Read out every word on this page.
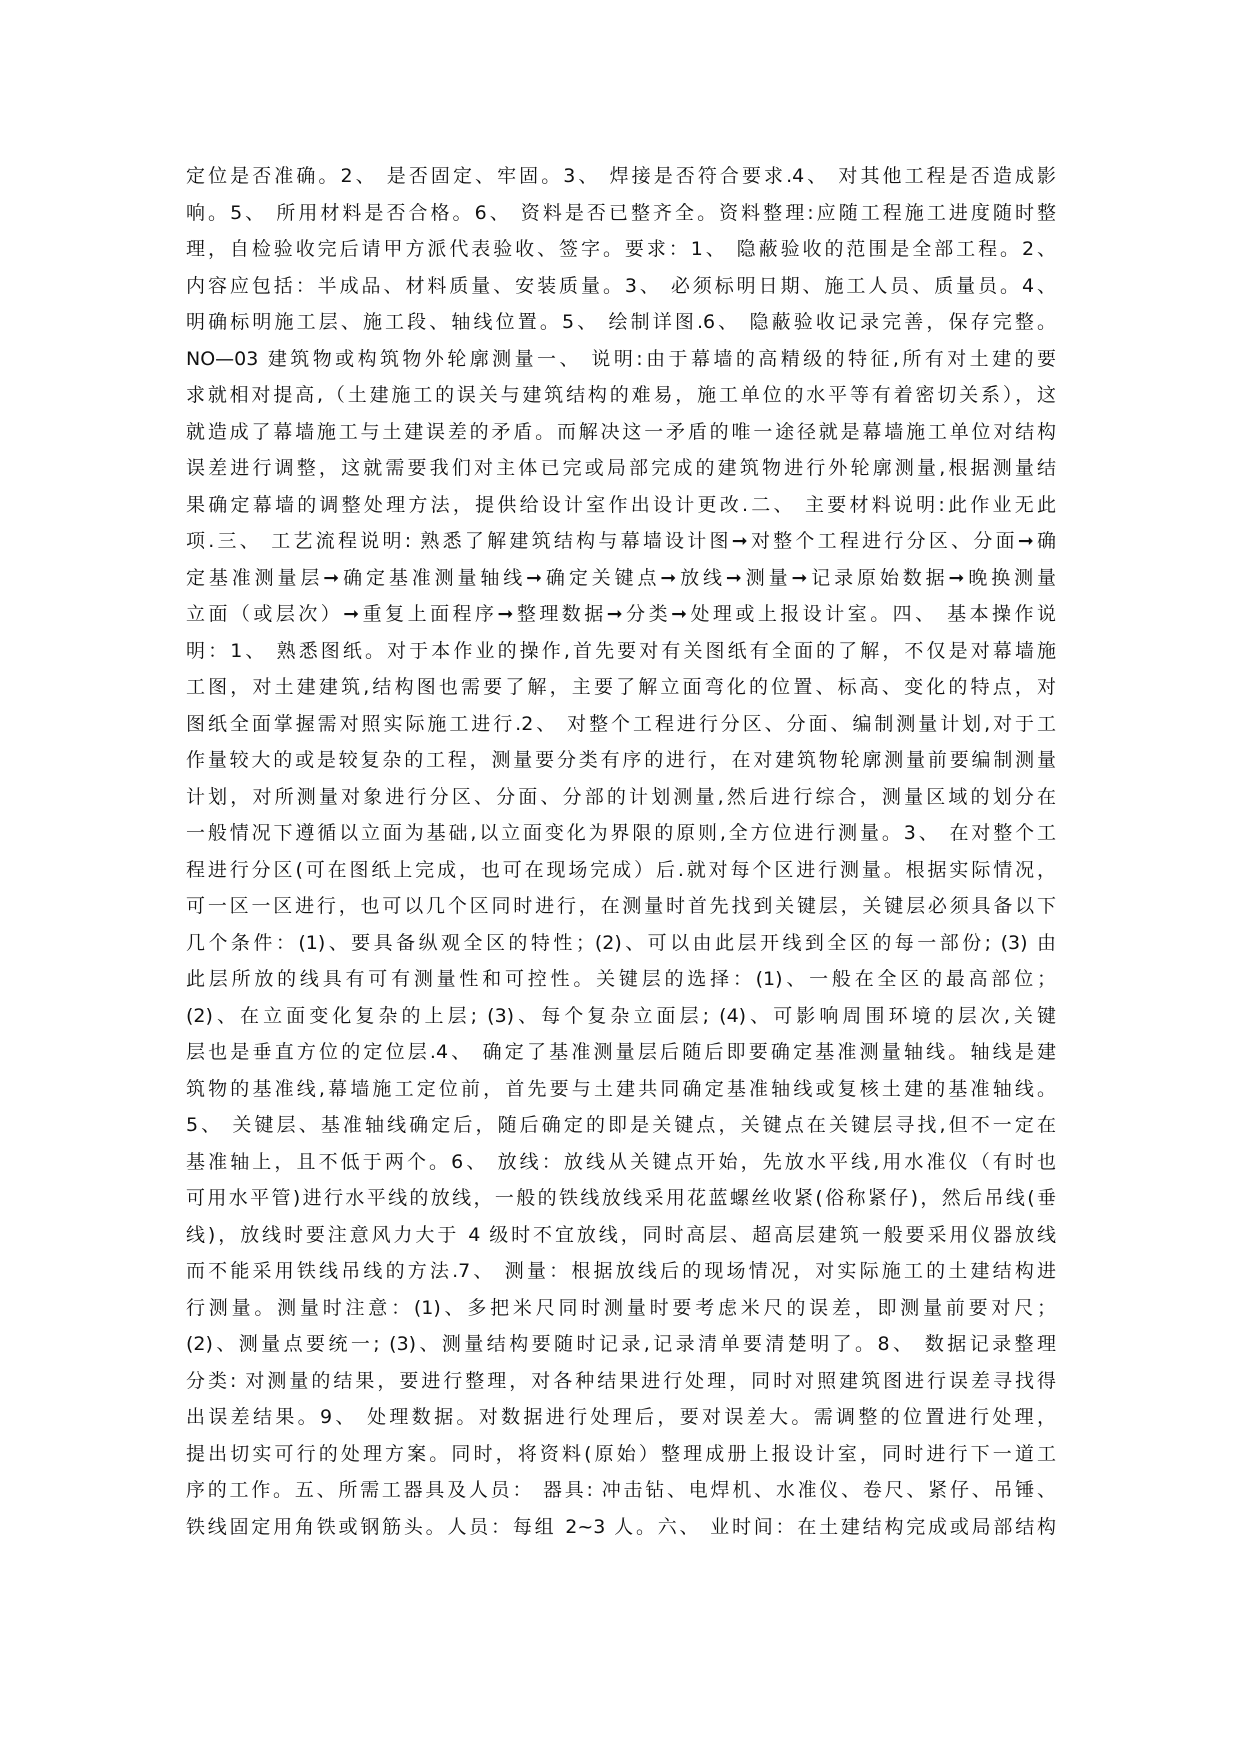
定位是否准确。2、 是否固定、牢固。3、 焊接是否符合要求.4、 对其他工程是否造成影
响。5、 所用材料是否合格。6、 资料是否已整齐全。资料整理:应随工程施工进度随时整
理，自检验收完后请甲方派代表验收、签字。要求：1、 隐蔽验收的范围是全部工程。2、
内容应包括：半成品、材料质量、安装质量。3、 必须标明日期、施工人员、质量员。4、
明确标明施工层、施工段、轴线位置。5、 绘制详图.6、 隐蔽验收记录完善，保存完整。
NO—03 建筑物或构筑物外轮廓测量一、 说明:由于幕墙的高精级的特征,所有对土建的要
求就相对提高,（土建施工的误关与建筑结构的难易，施工单位的水平等有着密切关系），这
就造成了幕墙施工与土建误差的矛盾。而解决这一矛盾的唯一途径就是幕墙施工单位对结构
误差进行调整，这就需要我们对主体已完或局部完成的建筑物进行外轮廓测量,根据测量结
果确定幕墙的调整处理方法，提供给设计室作出设计更改.二、 主要材料说明:此作业无此
项.三、 工艺流程说明: 熟悉了解建筑结构与幕墙设计图➞对整个工程进行分区、分面➞确
定基准测量层➞确定基准测量轴线➞确定关键点➞放线➞测量➞记录原始数据➞晚换测量
立面（或层次）➞重复上面程序➞整理数据➞分类➞处理或上报设计室。四、 基本操作说
明：1、 熟悉图纸。对于本作业的操作,首先要对有关图纸有全面的了解，不仅是对幕墙施
工图，对土建建筑,结构图也需要了解，主要了解立面弯化的位置、标高、变化的特点，对
图纸全面掌握需对照实际施工进行.2、 对整个工程进行分区、分面、编制测量计划,对于工
作量较大的或是较复杂的工程，测量要分类有序的进行，在对建筑物轮廓测量前要编制测量
计划，对所测量对象进行分区、分面、分部的计划测量,然后进行综合，测量区域的划分在
一般情况下遵循以立面为基础,以立面变化为界限的原则,全方位进行测量。3、 在对整个工
程进行分区(可在图纸上完成，也可在现场完成）后.就对每个区进行测量。根据实际情况，
可一区一区进行，也可以几个区同时进行，在测量时首先找到关键层，关键层必须具备以下
几个条件：(1)、要具备纵观全区的特性；(2)、可以由此层开线到全区的每一部份; (3) 由
此层所放的线具有可有测量性和可控性。关键层的选择：(1)、一般在全区的最高部位；
(2)、在立面变化复杂的上层; (3)、每个复杂立面层; (4)、可影响周围环境的层次,关键
层也是垂直方位的定位层.4、 确定了基准测量层后随后即要确定基准测量轴线。轴线是建
筑物的基准线,幕墙施工定位前，首先要与土建共同确定基准轴线或复核土建的基准轴线。
5、 关键层、基准轴线确定后，随后确定的即是关键点，关键点在关键层寻找,但不一定在
基准轴上，且不低于两个。6、 放线：放线从关键点开始，先放水平线,用水准仪（有时也
可用水平管)进行水平线的放线，一般的铁线放线采用花蓝螺丝收紧(俗称紧仔)，然后吊线(垂
线)，放线时要注意风力大于 4 级时不宜放线，同时高层、超高层建筑一般要采用仪器放线
而不能采用铁线吊线的方法.7、 测量：根据放线后的现场情况，对实际施工的土建结构进
行测量。测量时注意：(1)、多把米尺同时测量时要考虑米尺的误差，即测量前要对尺；
(2)、测量点要统一; (3)、测量结构要随时记录,记录清单要清楚明了。8、 数据记录整理
分类: 对测量的结果，要进行整理，对各种结果进行处理，同时对照建筑图进行误差寻找得
出误差结果。9、 处理数据。对数据进行处理后，要对误差大。需调整的位置进行处理，
提出切实可行的处理方案。同时，将资料(原始）整理成册上报设计室，同时进行下一道工
序的工作。五、所需工器具及人员： 器具: 冲击钻、电焊机、水准仪、卷尺、紧仔、吊锤、
铁线固定用角铁或钢筋头。人员：每组 2~3 人。六、 业时间：在土建结构完成或局部结构
